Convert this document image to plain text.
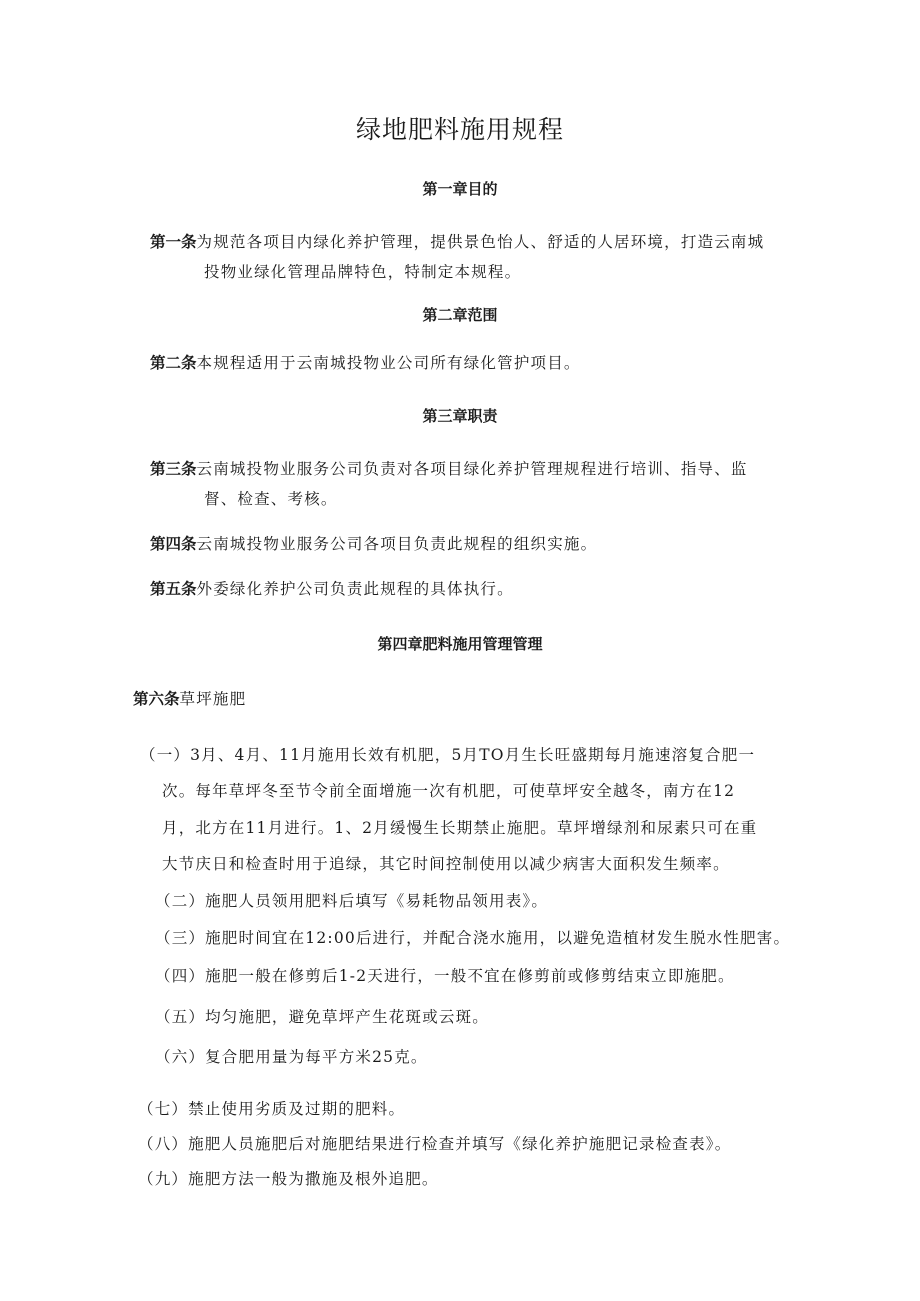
绿地肥料施用规程
第一章目的
第一条为规范各项目内绿化养护管理，提供景色怡人、舒适的人居环境，打造云南城
投物业绿化管理品牌特色，特制定本规程。
第二章范围
第二条本规程适用于云南城投物业公司所有绿化管护项目。
第三章职责
第三条云南城投物业服务公司负责对各项目绿化养护管理规程进行培训、指导、监
督、检查、考核。
第四条云南城投物业服务公司各项目负责此规程的组织实施。
第五条外委绿化养护公司负责此规程的具体执行。
第四章肥料施用管理管理
第六条草坪施肥
（一）3月、4月、11月施用长效有机肥，5月TO月生长旺盛期每月施速溶复合肥一
次。每年草坪冬至节令前全面增施一次有机肥，可使草坪安全越冬，南方在12
月，北方在11月进行。1、2月缓慢生长期禁止施肥。草坪增绿剂和尿素只可在重
大节庆日和检查时用于追绿，其它时间控制使用以减少病害大面积发生频率。
（二）施肥人员领用肥料后填写《易耗物品领用表》。
（三）施肥时间宜在12:00后进行，并配合浇水施用，以避免造植材发生脱水性肥害。
（四）施肥一般在修剪后1-2天进行，一般不宜在修剪前或修剪结束立即施肥。
（五）均匀施肥，避免草坪产生花斑或云斑。
（六）复合肥用量为每平方米25克。
（七）禁止使用劣质及过期的肥料。
（八）施肥人员施肥后对施肥结果进行检查并填写《绿化养护施肥记录检查表》。
（九）施肥方法一般为撒施及根外追肥。
